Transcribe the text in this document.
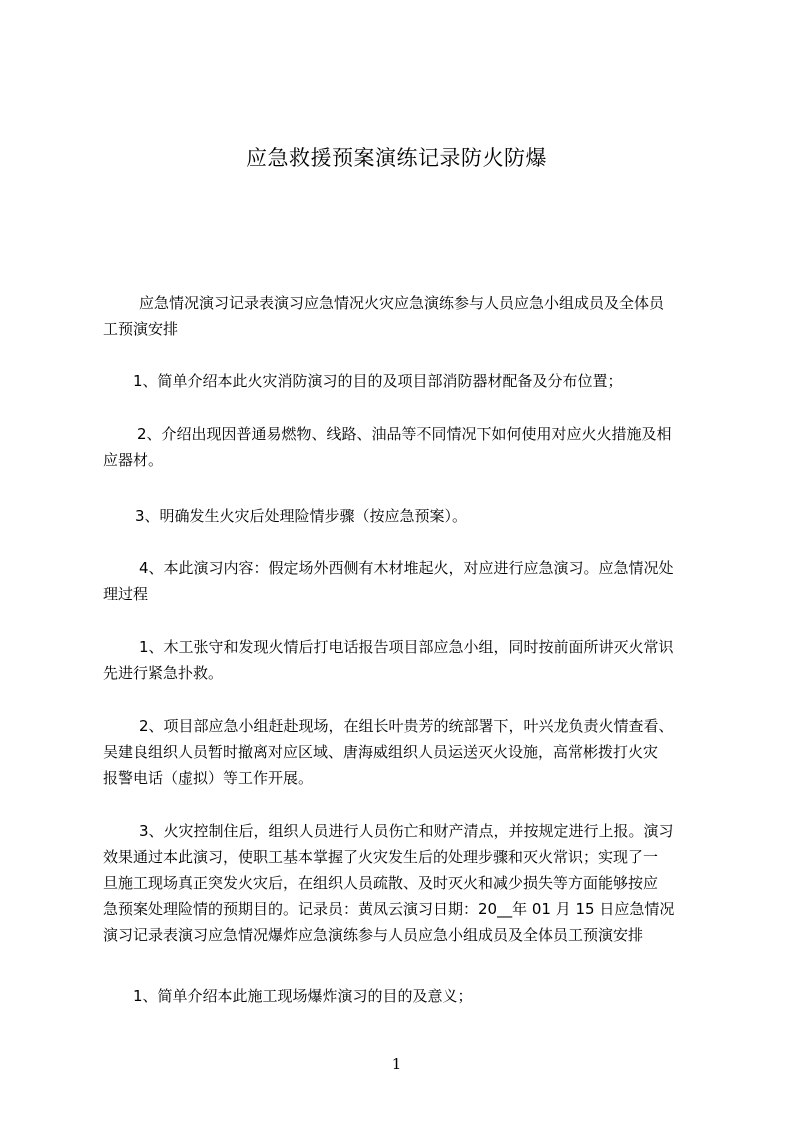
应急救援预案演练记录防火防爆

应急情况演习记录表演习应急情况火灾应急演练参与人员应急小组成员及全体员
工预演安排

1、简单介绍本此火灾消防演习的目的及项目部消防器材配备及分布位置；

2、介绍出现因普通易燃物、线路、油品等不同情况下如何使用对应火火措施及相
应器材。

3、明确发生火灾后处理险情步骤（按应急预案）。

4、本此演习内容：假定场外西侧有木材堆起火，对应进行应急演习。应急情况处
理过程

1、木工张守和发现火情后打电话报告项目部应急小组，同时按前面所讲灭火常识
先进行紧急扑救。

2、项目部应急小组赶赴现场，在组长叶贵芳的统部署下，叶兴龙负责火情查看、
吴建良组织人员暂时撤离对应区域、唐海威组织人员运送灭火设施，高常彬拨打火灾
报警电话（虚拟）等工作开展。

3、火灾控制住后，组织人员进行人员伤亡和财产清点，并按规定进行上报。演习
效果通过本此演习，使职工基本掌握了火灾发生后的处理步骤和灭火常识；实现了一
旦施工现场真正突发火灾后，在组织人员疏散、及时灭火和减少损失等方面能够按应
急预案处理险情的预期目的。记录员：黄凤云演习日期：20__年 01 月 15 日应急情况
演习记录表演习应急情况爆炸应急演练参与人员应急小组成员及全体员工预演安排

1、简单介绍本此施工现场爆炸演习的目的及意义；

1
